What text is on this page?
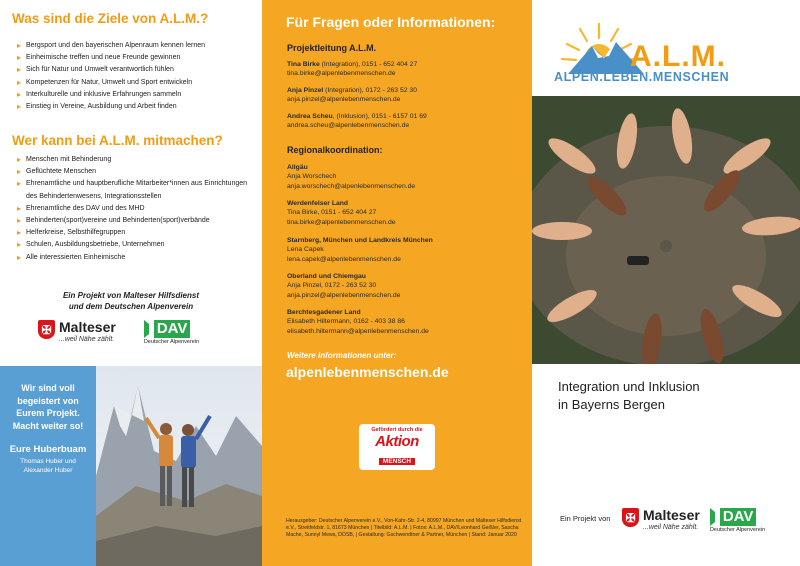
Was sind die Ziele von A.L.M.?
▸ Bergsport und den bayerischen Alpenraum kennen lernen
▸ Einheimische treffen und neue Freunde gewinnen
▸ Sich für Natur und Umwelt verantwortlich fühlen
▸ Kompetenzen für Natur, Umwelt und Sport entwickeln
▸ Interkulturelle und inklusive Erfahrungen sammeln
▸ Einstieg in Vereine, Ausbildung und Arbeit finden
Wer kann bei A.L.M. mitmachen?
▸ Menschen mit Behinderung
▸ Geflüchtete Menschen
▸ Ehrenamtliche und hauptberufliche Mitarbeiter*innen aus Einrichtungen des Behindertenwesens, Integrationsstellen
▸ Ehrenamtliche des DAV und des MHD
▸ Behinderten(sport)vereine und Behinderten(sport)verbände
▸ Helferkreise, Selbsthilfegruppen
▸ Schulen, Ausbildungsbetriebe, Unternehmen
▸ Alle interessierten Einheimische
Ein Projekt von Malteser Hilfsdienst
und dem Deutschen Alpenverein
✠ Malteser
...weil Nähe zählt.
DAV
Deutscher Alpenverein
Wir sind voll begeistert von Eurem Projekt. Macht weiter so!
Eure Huberbuam
Thomas Huber und
Alexander Huber
Für Fragen oder Informationen:
Projektleitung A.L.M.
Tina Birke (Integration), 0151 - 652 404 27
tina.birke@alpenlebenmenschen.de
Anja Pinzel (Integration), 0172 - 263 52 30
anja.pinzel@alpenlebenmenschen.de
Andrea Scheu, (Inklusion), 0151 - 6157 01 69
andrea.scheu@alpenlebenmenschen.de
Regionalkoordination:
Allgäu
Anja Worschech
anja.worschech@alpenlebenmenschen.de
Werdenfelser Land
Tina Birke, 0151 - 652 404 27
tina.birke@alpenlebenmenschen.de
Starnberg, München und Landkreis München
Lena Capek
lena.capek@alpenlebenmenschen.de
Oberland und Chiemgau
Anja Pinzel, 0172 - 263 52 30
anja.pinzel@alpenlebenmenschen.de
Berchtesgadener Land
Elisabeth Hiltermann, 0162 - 403 38 86
elisabeth.hiltermann@alpenlebenmenschen.de
Weitere Informationen unter:
alpenlebenmenschen.de
Gefördert durch die
Aktion
MENSCH
Herausgeber: Deutscher Alpenverein e.V., Von-Kahr-Str. 2-4, 80997 München und Malteser Hilfsdienst e.V., Streitfeldstr. 1, 81673 München | Titelbild: A.L.M. | Fotos: A.L.M., DAV/Leonhard Geißler, Sascha Mache, Sunnyl Mews, DOSB, | Gestaltung: Gschwendtner & Partner, München | Stand: Januar 2020
A.L.M.
ALPEN.LEBEN.MENSCHEN
Integration und Inklusion
in Bayerns Bergen
Ein Projekt von ✠ Malteser
...weil Nähe zählt.
DAV
Deutscher Alpenverein
